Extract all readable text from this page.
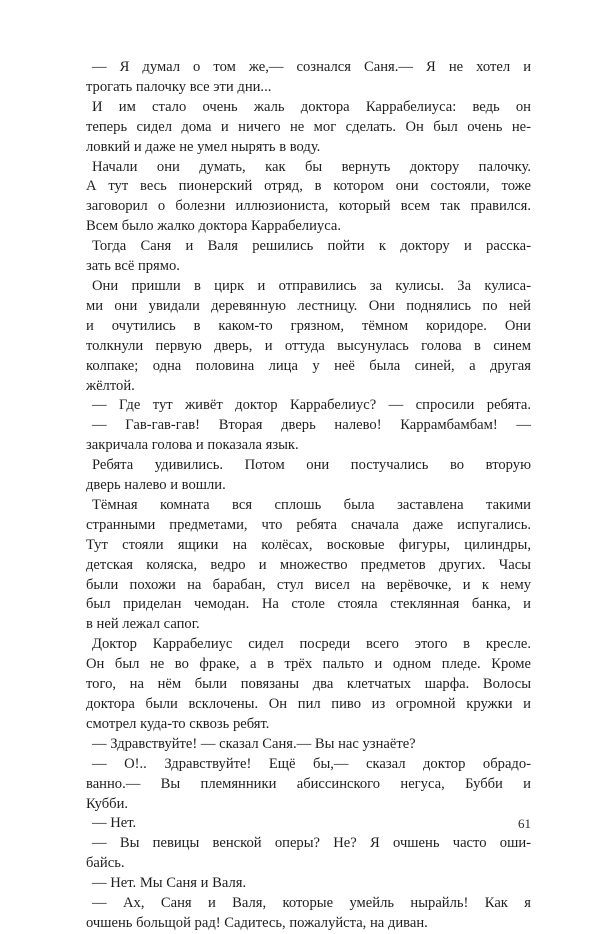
— Я думал о том же,— сознался Саня.— Я не хотел и
трогать палочку все эти дни...
И им стало очень жаль доктора Каррабелиуса: ведь он
теперь сидел дома и ничего не мог сделать. Он был очень не-
ловкий и даже не умел нырять в воду.
Начали они думать, как бы вернуть доктору палочку.
А тут весь пионерский отряд, в котором они состояли, тоже
заговорил о болезни иллюзиониста, который всем так правился.
Всем было жалко доктора Каррабелиуса.
Тогда Саня и Валя решились пойти к доктору и расска-
зать всё прямо.
Они пришли в цирк и отправились за кулисы. За кулиса-
ми они увидали деревянную лестницу. Они поднялись по ней
и очутились в каком-то грязном, тёмном коридоре. Они
толкнули первую дверь, и оттуда высунулась голова в синем
колпаке; одна половина лица у неё была синей, а другая
жёлтой.
— Где тут живёт доктор Каррабелиус? — спросили ребята.
— Гав-гав-гав! Вторая дверь налево! Каррамбамбам! —
закричала голова и показала язык.
Ребята удивились. Потом они постучались во вторую
дверь налево и вошли.
Тёмная комната вся сплошь была заставлена такими
странными предметами, что ребята сначала даже испугались.
Тут стояли ящики на колёсах, восковые фигуры, цилиндры,
детская коляска, ведро и множество предметов других. Часы
были похожи на барабан, стул висел на верёвочке, и к нему
был приделан чемодан. На столе стояла стеклянная банка, и
в ней лежал сапог.
Доктор Каррабелиус сидел посреди всего этого в кресле.
Он был не во фраке, а в трёх пальто и одном пледе. Кроме
того, на нём были повязаны два клетчатых шарфа. Волосы
доктора были всклочены. Он пил пиво из огромной кружки и
смотрел куда-то сквозь ребят.
— Здравствуйте! — сказал Саня.— Вы нас узнаёте?
— О!.. Здравствуйте! Ещё бы,— сказал доктор обрадо-
ванно.— Вы племянники абиссинского негуса, Бубби и
Кубби.
— Нет.
— Вы певицы венской оперы? Не? Я очшень часто оши-
байсь.
— Нет. Мы Саня и Валя.
— Ах, Саня и Валя, которые умейль нырайль! Как я
очшень больщой рад! Садитесь, пожалуйста, на диван.
61
